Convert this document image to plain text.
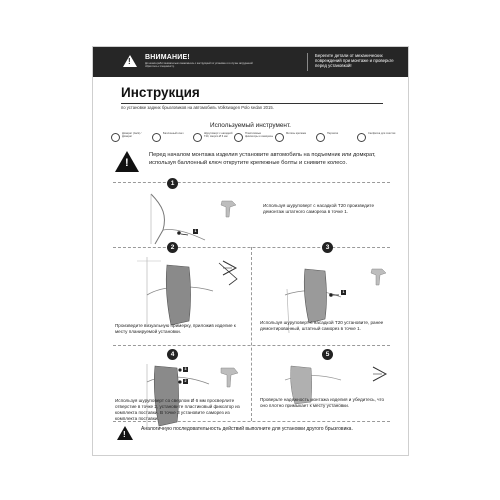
! ВНИМАНИЕ!
До начала работ внимательно ознакомьтесь с инструкцией по установке и в случае затруднений обратитесь к специалисту.
Берегите детали от механических повреждений при монтаже и проверьте перед установкой!
Инструкция
по установке задних брызговиков на автомобиль Volkswagen Polo sedan 2015.
Используемый инструмент.
Домкрат (Jack) / Домкрат
Баллонный ключ	Шуруповерт с насадкой T20, сверло Ø 6 мм
Пластиковые фиксаторы и саморезы
Метизы крепежа	Перчатки	Салфетка для очистки
!
Перед началом монтажа изделия установите автомобиль на подъемник или домкрат, используя баллонный ключ открутите крепежные болты и снимите колесо.
1
1
Используя шуруповерт с насадкой T20 произведите демонтаж штатного самореза в точке 1.
2
Произведите визуальную примерку, приложив изделие к месту планируемой установки.
3
1
Используя шуруповерт с насадкой T20 установите, ранее демонтированный, штатный саморез в точке 1.
4
3
2
Используя шуруповерт со сверлом Ø 6 мм просверлите отверстие в точке 2, установите пластиковый фиксатор из комплекта поставки. В точке 3 установите саморез из комплекта поставки.
5
Проверьте надежность монтажа изделия и убедитесь, что оно плотно примыкает к месту установки.
!
Аналогичную последовательность действий выполните для установки другого брызговика.
